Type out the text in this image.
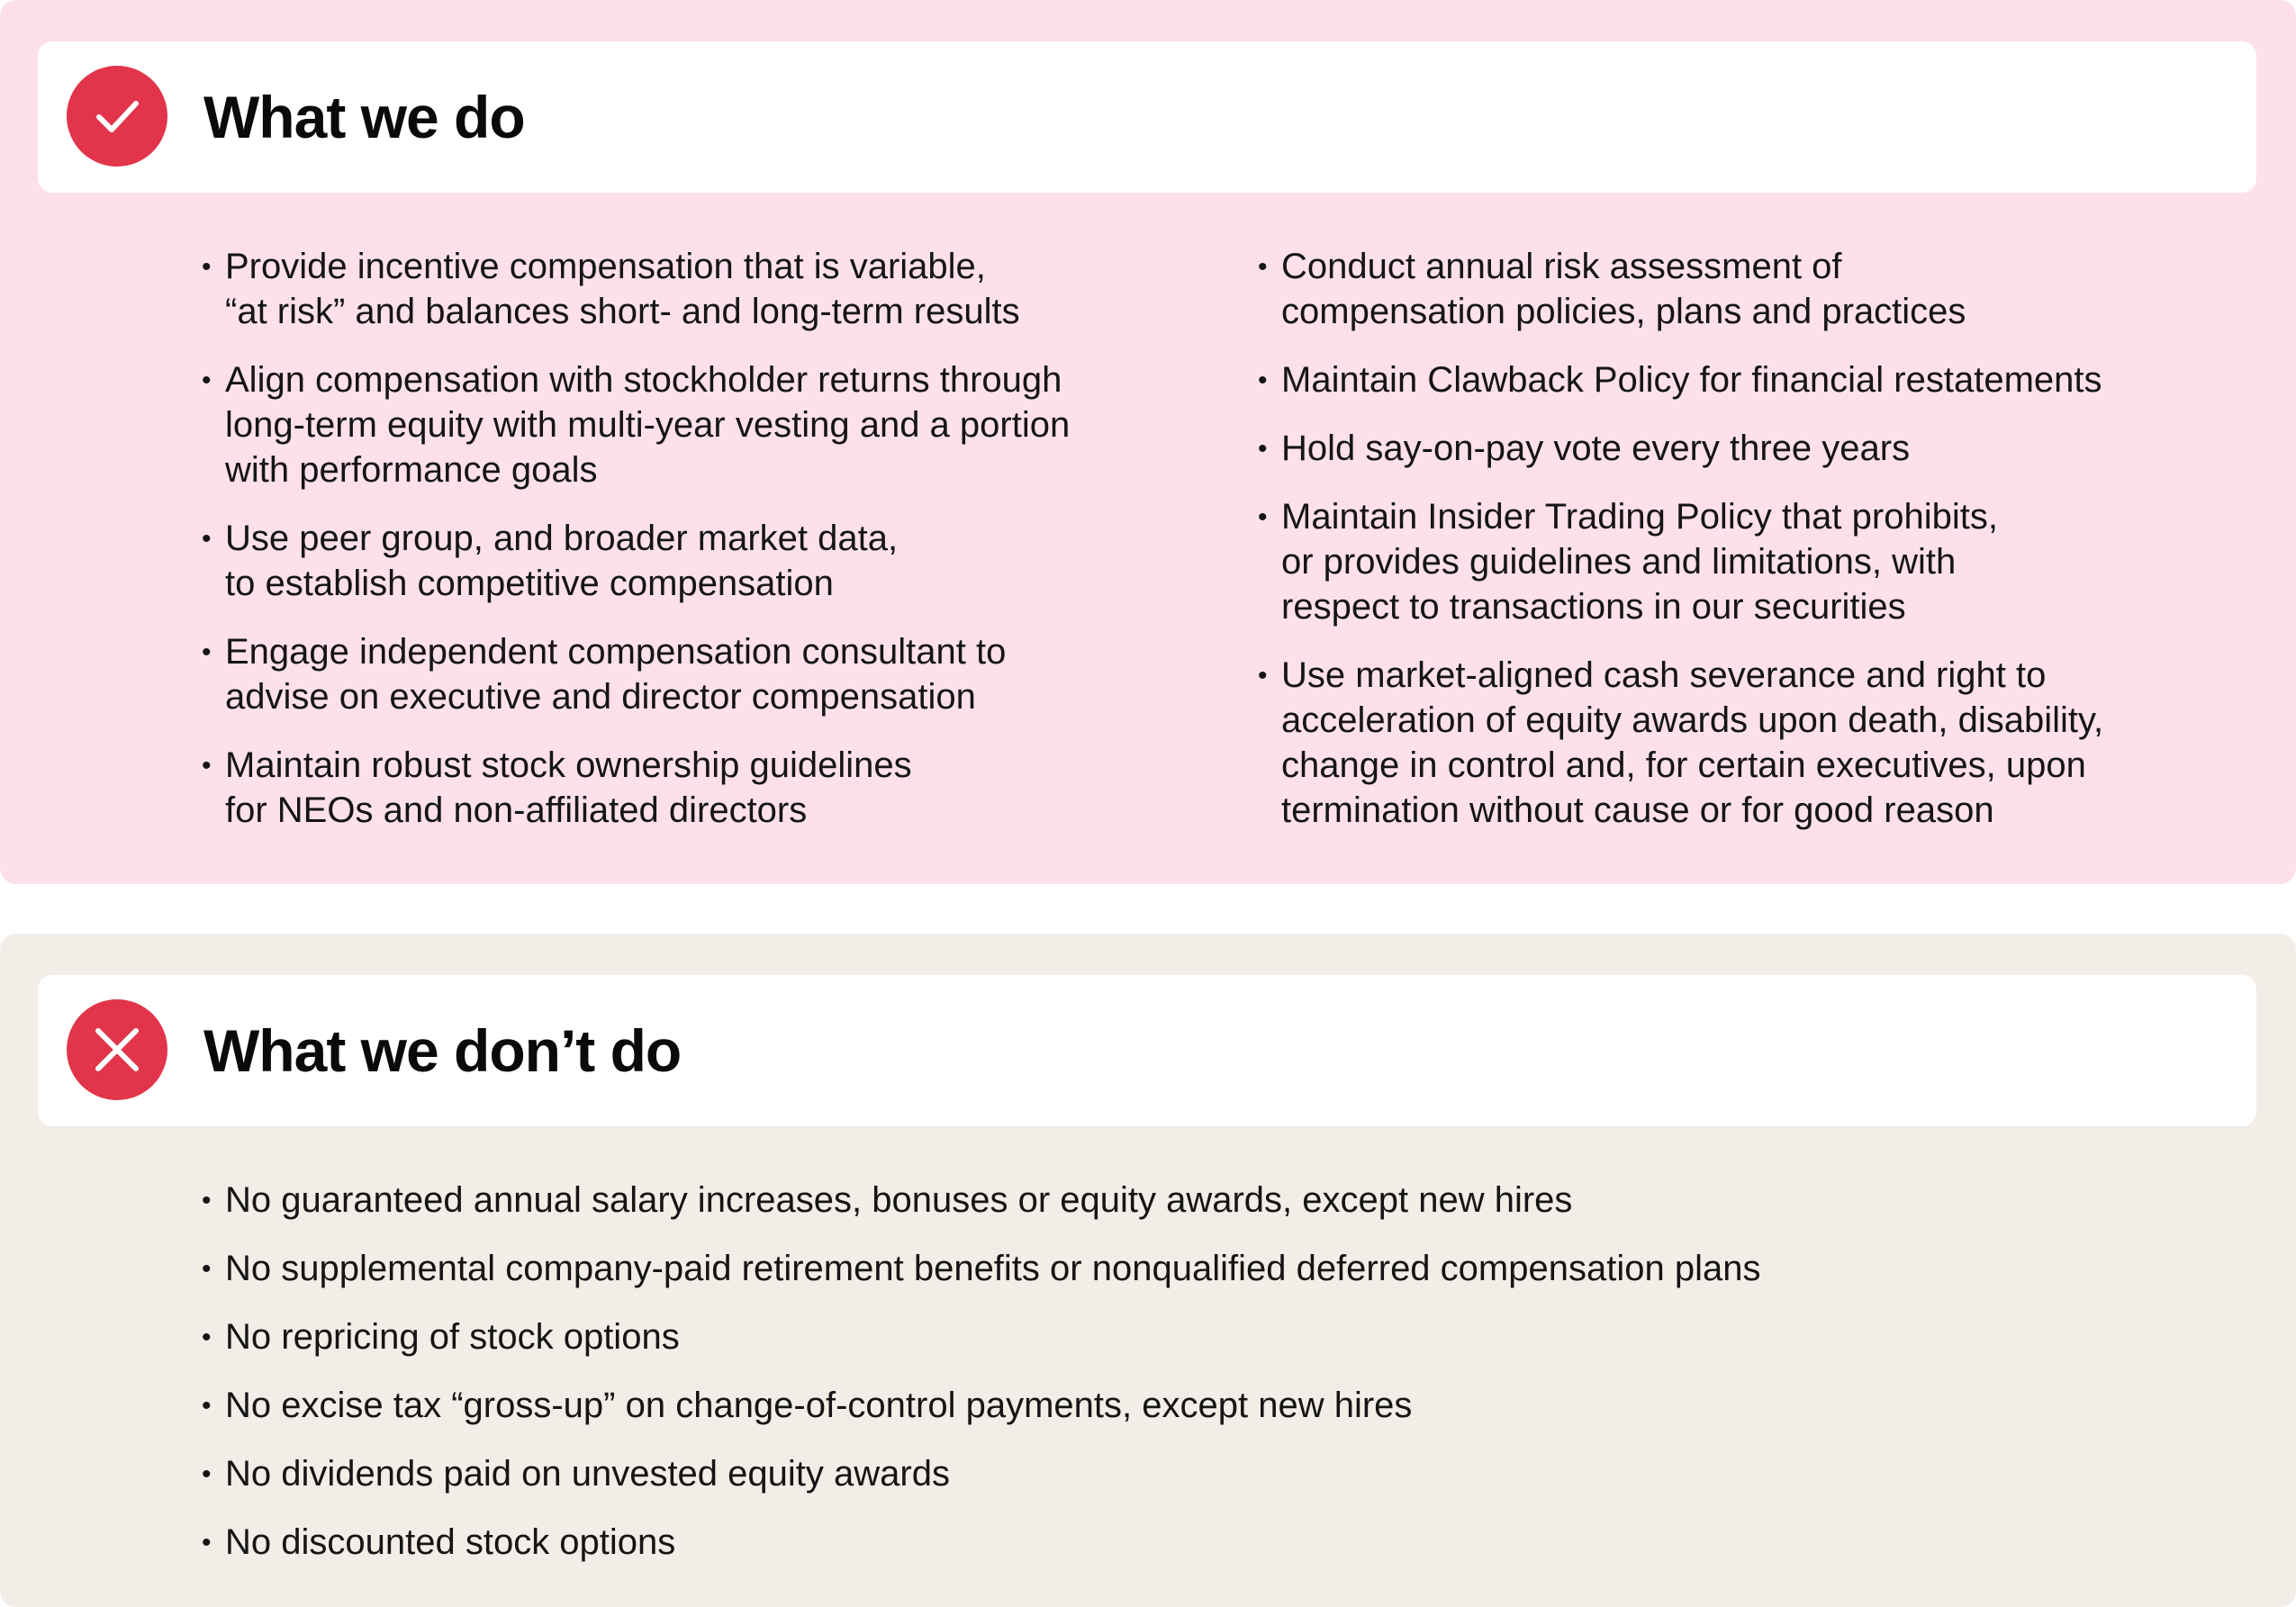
What we do
• Provide incentive compensation that is variable,
“at risk” and balances short- and long-term results
• Align compensation with stockholder returns through
long-term equity with multi-year vesting and a portion
with performance goals
• Use peer group, and broader market data,
to establish competitive compensation
• Engage independent compensation consultant to
advise on executive and director compensation
• Maintain robust stock ownership guidelines
for NEOs and non-affiliated directors
• Conduct annual risk assessment of
compensation policies, plans and practices
• Maintain Clawback Policy for financial restatements
• Hold say-on-pay vote every three years
• Maintain Insider Trading Policy that prohibits,
or provides guidelines and limitations, with
respect to transactions in our securities
• Use market-aligned cash severance and right to
acceleration of equity awards upon death, disability,
change in control and, for certain executives, upon
termination without cause or for good reason
What we don’t do
• No guaranteed annual salary increases, bonuses or equity awards, except new hires
• No supplemental company-paid retirement benefits or nonqualified deferred compensation plans
• No repricing of stock options
• No excise tax “gross-up” on change-of-control payments, except new hires
• No dividends paid on unvested equity awards
• No discounted stock options
